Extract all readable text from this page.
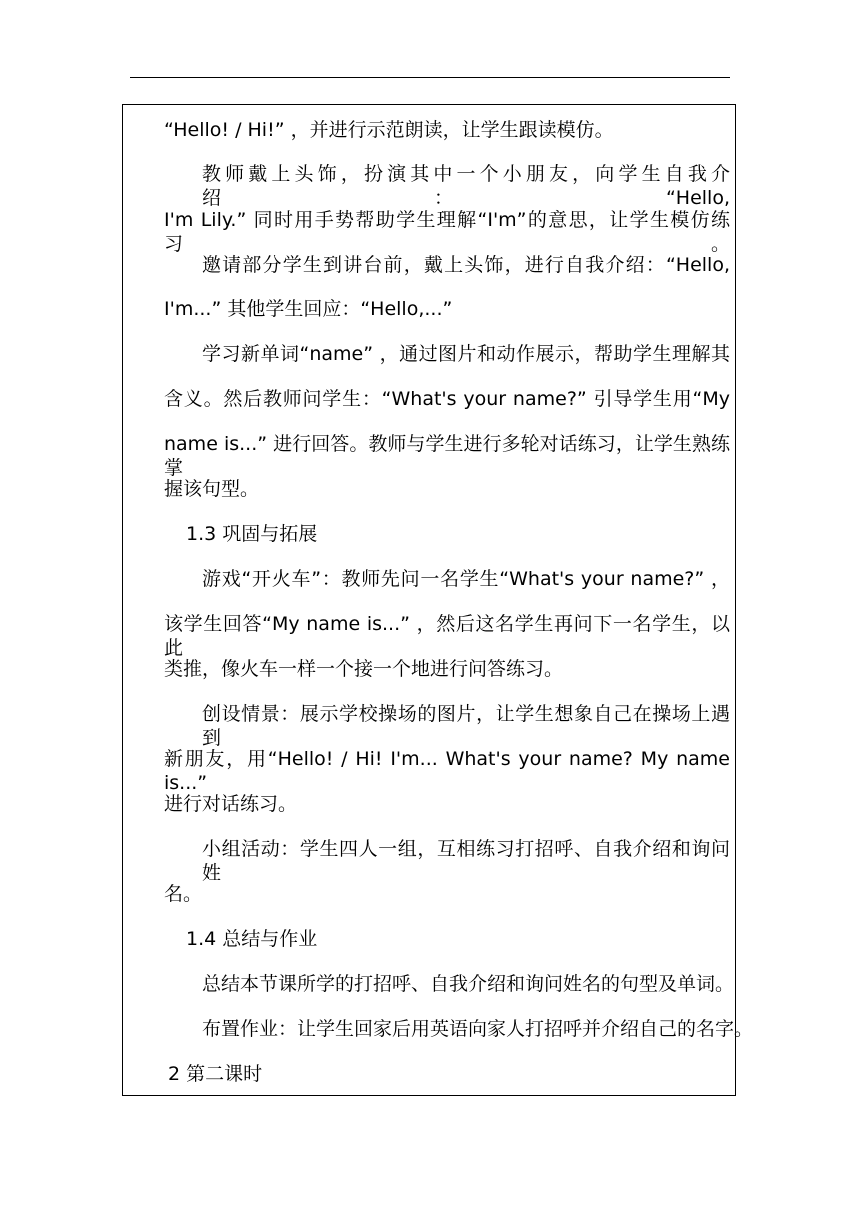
“Hello! / Hi!” ，并进行示范朗读，让学生跟读模仿。
教师戴上头饰，扮演其中一个小朋友，向学生自我介绍：“Hello,
I'm Lily.” 同时用手势帮助学生理解“I'm”的意思，让学生模仿练习。
邀请部分学生到讲台前，戴上头饰，进行自我介绍：“Hello,
I'm...” 其他学生回应：“Hello,...”
学习新单词“name” ，通过图片和动作展示，帮助学生理解其
含义。然后教师问学生：“What's your name?” 引导学生用“My
name is...” 进行回答。教师与学生进行多轮对话练习，让学生熟练掌
握该句型。
1.3 巩固与拓展
游戏“开火车”：教师先问一名学生“What's your name?” ，
该学生回答“My name is...” ，然后这名学生再问下一名学生，以此
类推，像火车一样一个接一个地进行问答练习。
创设情景：展示学校操场的图片，让学生想象自己在操场上遇到
新朋友，用“Hello! / Hi! I'm... What's your name? My name is...”
进行对话练习。
小组活动：学生四人一组，互相练习打招呼、自我介绍和询问姓
名。
1.4 总结与作业
总结本节课所学的打招呼、自我介绍和询问姓名的句型及单词。
布置作业：让学生回家后用英语向家人打招呼并介绍自己的名字。
2 第二课时
